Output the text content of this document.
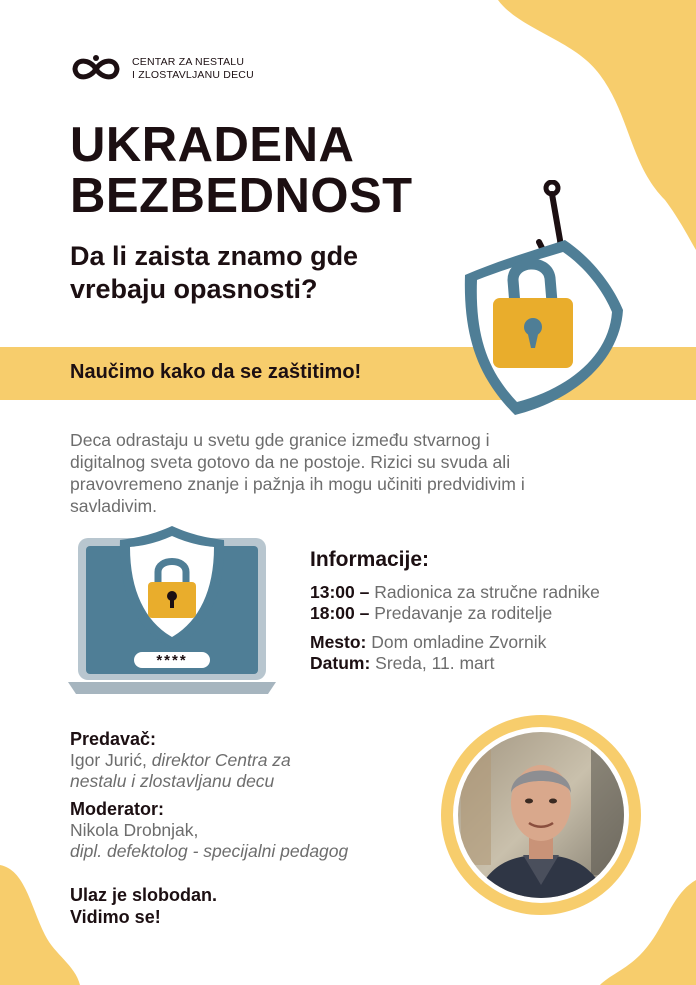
CENTAR ZA NESTALU
I ZLOSTAVLJANU DECU
UKRADENA
BEZBEDNOST
Da li zaista znamo gde
vrebaju opasnosti?
Naučimo kako da se zaštitimo!
Deca odrastaju u svetu gde granice između stvarnog i
digitalnog sveta gotovo da ne postoje. Rizici su svuda ali
pravovremeno znanje i pažnja ih mogu učiniti predvidivim i
savladivim.
****
Informacije:
13:00 – Radionica za stručne radnike
18:00 – Predavanje za roditelje
Mesto: Dom omladine Zvornik
Datum: Sreda, 11. mart
Predavač:
Igor Jurić, direktor Centra za
nestalu i zlostavljanu decu
Moderator:
Nikola Drobnjak,
dipl. defektolog - specijalni pedagog
Ulaz je slobodan.
Vidimo se!
